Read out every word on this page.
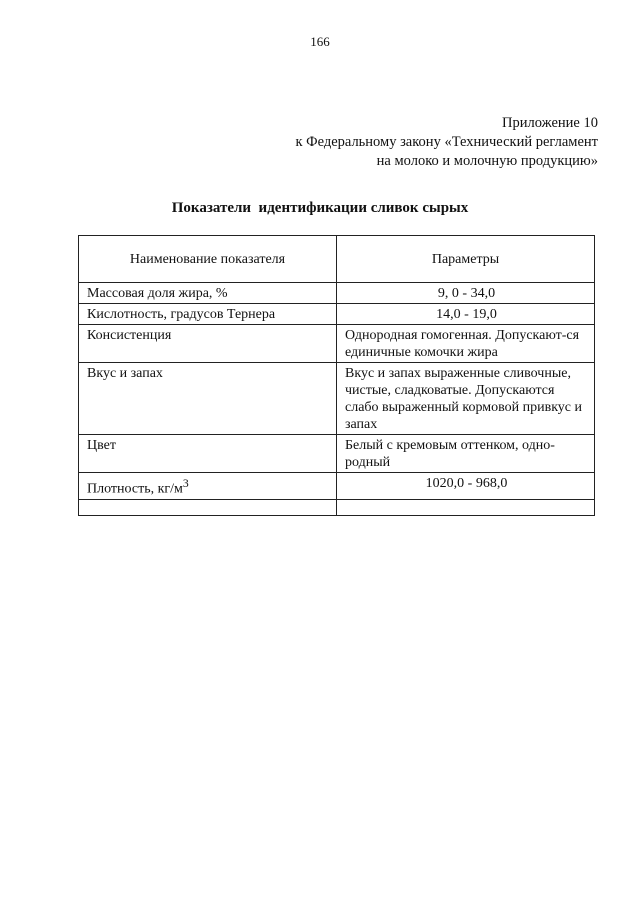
166
Приложение 10
к Федеральному закону «Технический регламент
на молоко и молочную продукцию»
Показатели  идентификации сливок сырых
Наименование показателя	Параметры
Массовая доля жира, %	9, 0 - 34,0
Кислотность, градусов Тернера	14,0 - 19,0
Консистенция	Однородная гомогенная. Допускают-ся единичные комочки жира
Вкус и запах	Вкус и запах выраженные сливочные, чистые, сладковатые. Допускаются слабо выраженный кормовой привкус и запах
Цвет	Белый с кремовым оттенком, одно-родный
Плотность, $кг/м^3$	1020,0 - 968,0
